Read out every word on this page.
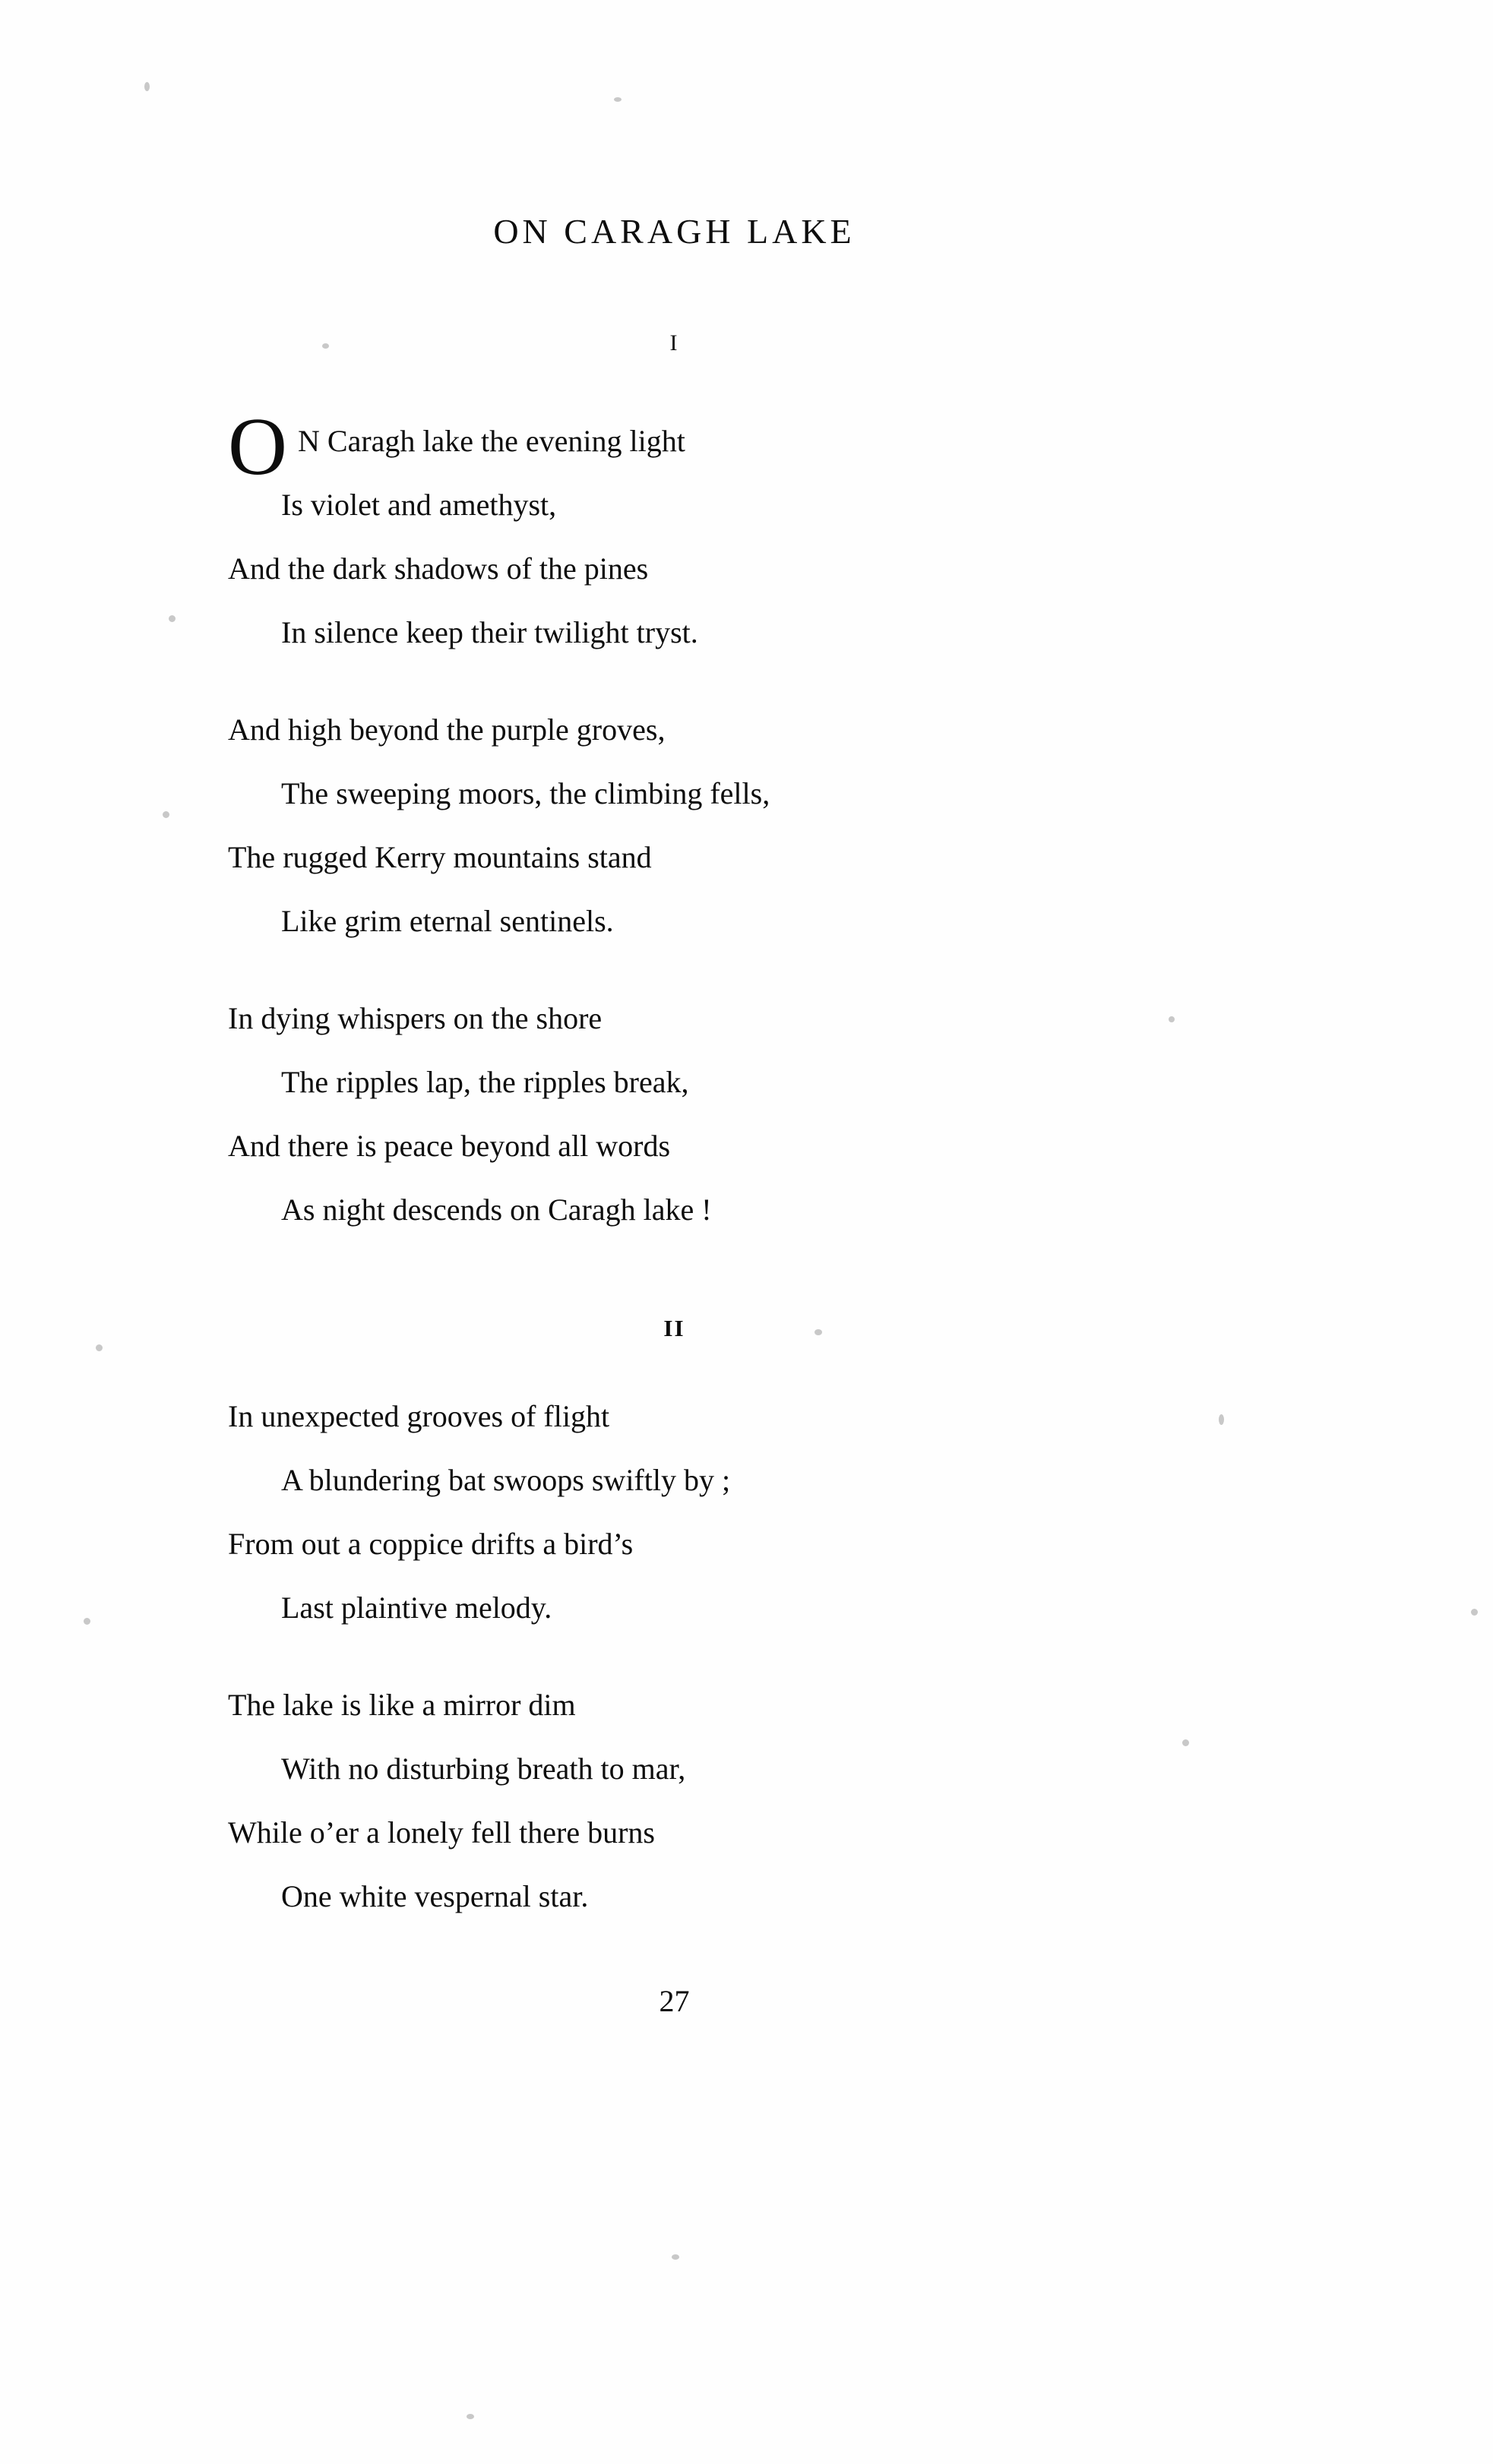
ON CARAGH LAKE
I
O N Caragh lake the evening light
Is violet and amethyst,
And the dark shadows of the pines
In silence keep their twilight tryst.
And high beyond the purple groves,
The sweeping moors, the climbing fells,
The rugged Kerry mountains stand
Like grim eternal sentinels.
In dying whispers on the shore
The ripples lap, the ripples break,
And there is peace beyond all words
As night descends on Caragh lake !
II
In unexpected grooves of flight
A blundering bat swoops swiftly by ;
From out a coppice drifts a bird’s
Last plaintive melody.
The lake is like a mirror dim
With no disturbing breath to mar,
While o’er a lonely fell there burns
One white vespernal star.
27
